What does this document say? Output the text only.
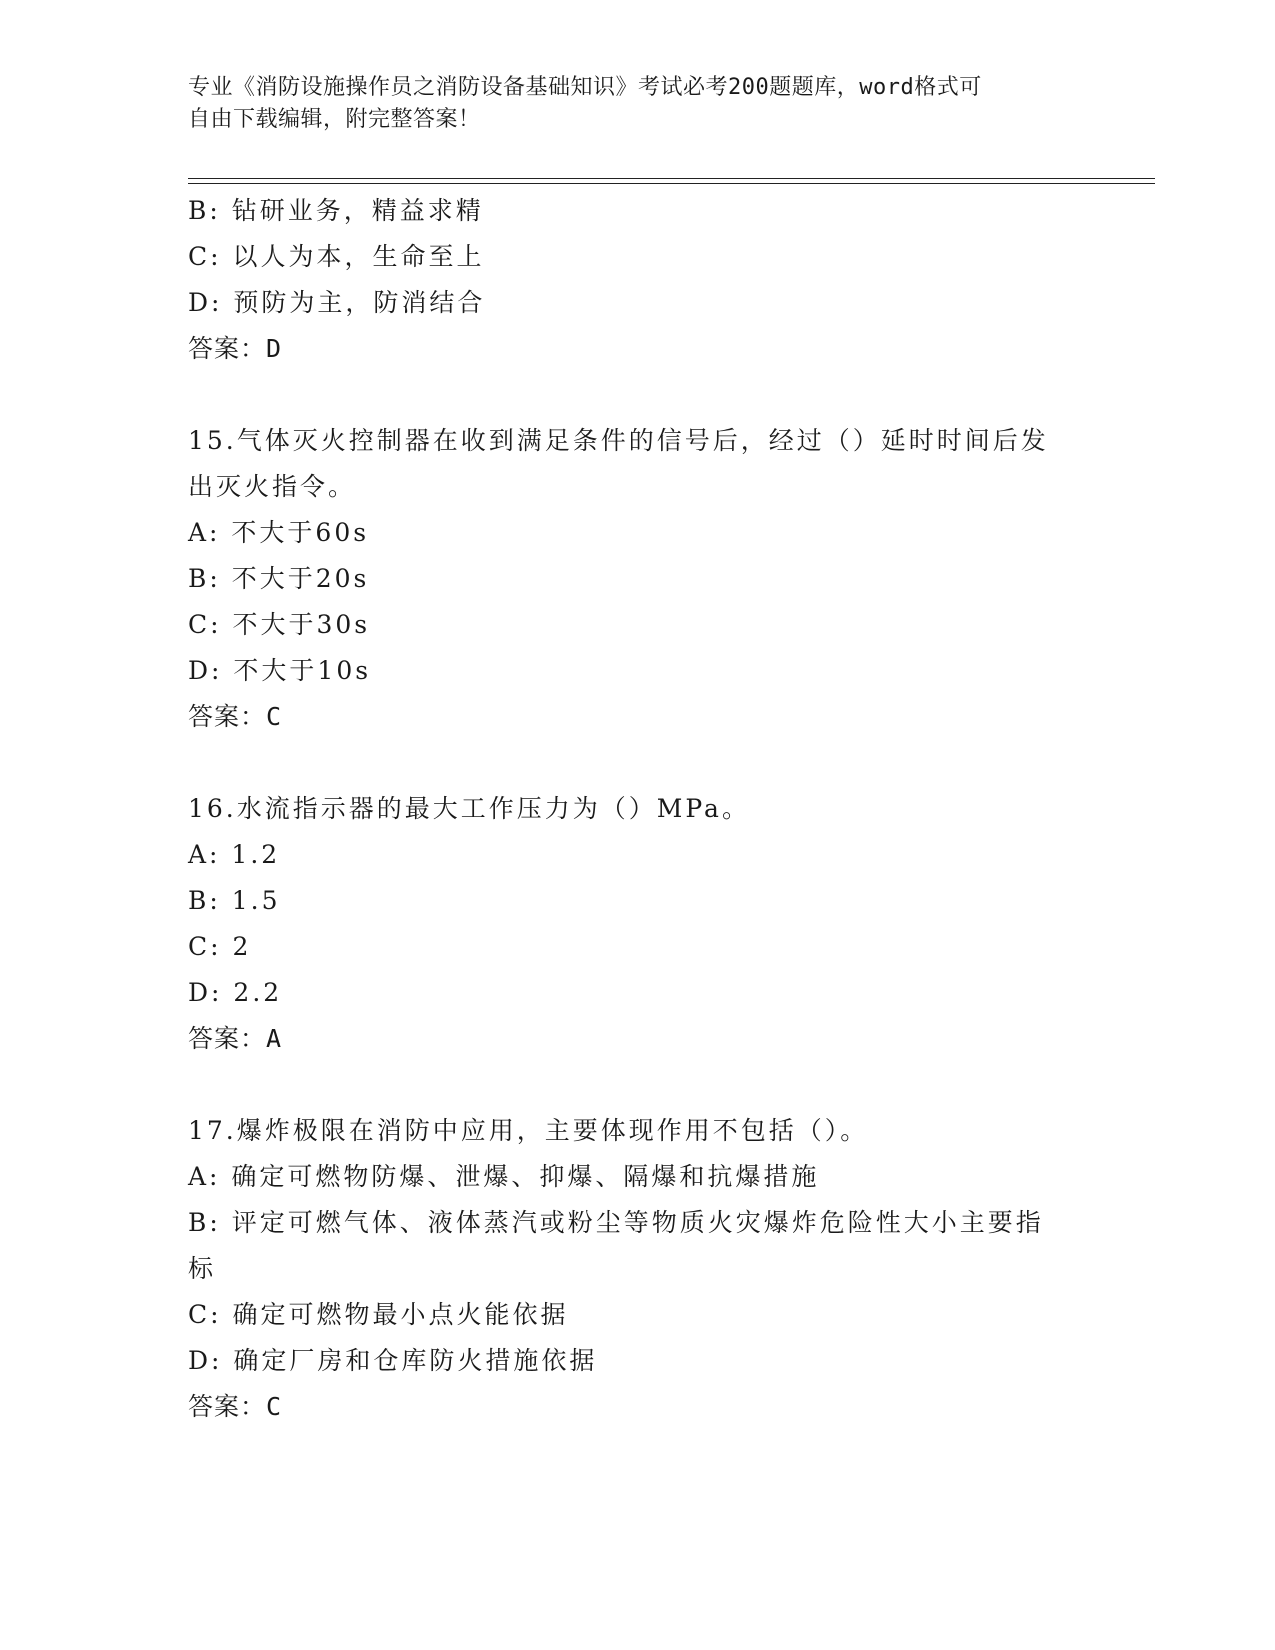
专业《消防设施操作员之消防设备基础知识》考试必考200题题库，word格式可
自由下载编辑，附完整答案！
B: 钻研业务，精益求精
C: 以人为本，生命至上
D: 预防为主，防消结合
答案：D
15.气体灭火控制器在收到满足条件的信号后，经过（）延时时间后发
出灭火指令。
A: 不大于60s
B: 不大于20s
C: 不大于30s
D: 不大于10s
答案：C
16.水流指示器的最大工作压力为（）MPa。
A: 1.2
B: 1.5
C: 2
D: 2.2
答案：A
17.爆炸极限在消防中应用，主要体现作用不包括（）。
A: 确定可燃物防爆、泄爆、抑爆、隔爆和抗爆措施
B: 评定可燃气体、液体蒸汽或粉尘等物质火灾爆炸危险性大小主要指
标
C: 确定可燃物最小点火能依据
D: 确定厂房和仓库防火措施依据
答案：C
